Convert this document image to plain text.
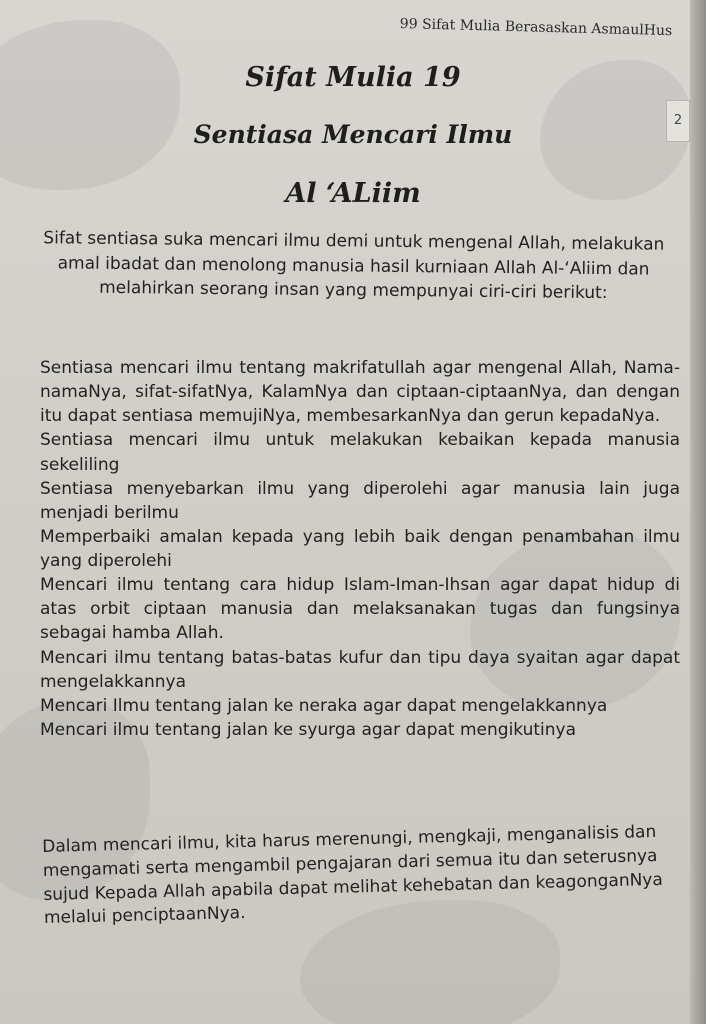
99 Sifat Mulia Berasaskan AsmaulHus
Sifat Mulia 19
Sentiasa Mencari Ilmu
Al ‘ALiim
Sifat sentiasa suka mencari ilmu demi untuk mengenal Allah, melakukan amal ibadat dan menolong manusia hasil kurniaan Allah Al-‘Aliim dan melahirkan seorang insan yang mempunyai ciri-ciri berikut:
Sentiasa mencari ilmu tentang makrifatullah agar mengenal Allah, Nama-namaNya, sifat-sifatNya, KalamNya dan ciptaan-ciptaanNya, dan dengan itu dapat sentiasa memujiNya, membesarkanNya dan gerun kepadaNya.
Sentiasa mencari ilmu untuk melakukan kebaikan kepada manusia sekeliling
Sentiasa menyebarkan ilmu yang diperolehi agar manusia lain juga menjadi berilmu
Memperbaiki amalan kepada yang lebih baik dengan penambahan ilmu yang diperolehi
Mencari ilmu tentang cara hidup Islam-Iman-Ihsan agar dapat hidup di atas orbit ciptaan manusia dan melaksanakan tugas dan fungsinya sebagai hamba Allah.
Mencari ilmu tentang batas-batas kufur dan tipu daya syaitan agar dapat mengelakkannya
Mencari Ilmu tentang jalan ke neraka agar dapat mengelakkannya
Mencari ilmu tentang jalan ke syurga agar dapat mengikutinya
Dalam mencari ilmu, kita harus merenungi, mengkaji, menganalisis dan mengamati serta mengambil pengajaran dari semua itu dan seterusnya sujud Kepada Allah apabila dapat melihat kehebatan dan keagonganNya melalui penciptaanNya.
2
